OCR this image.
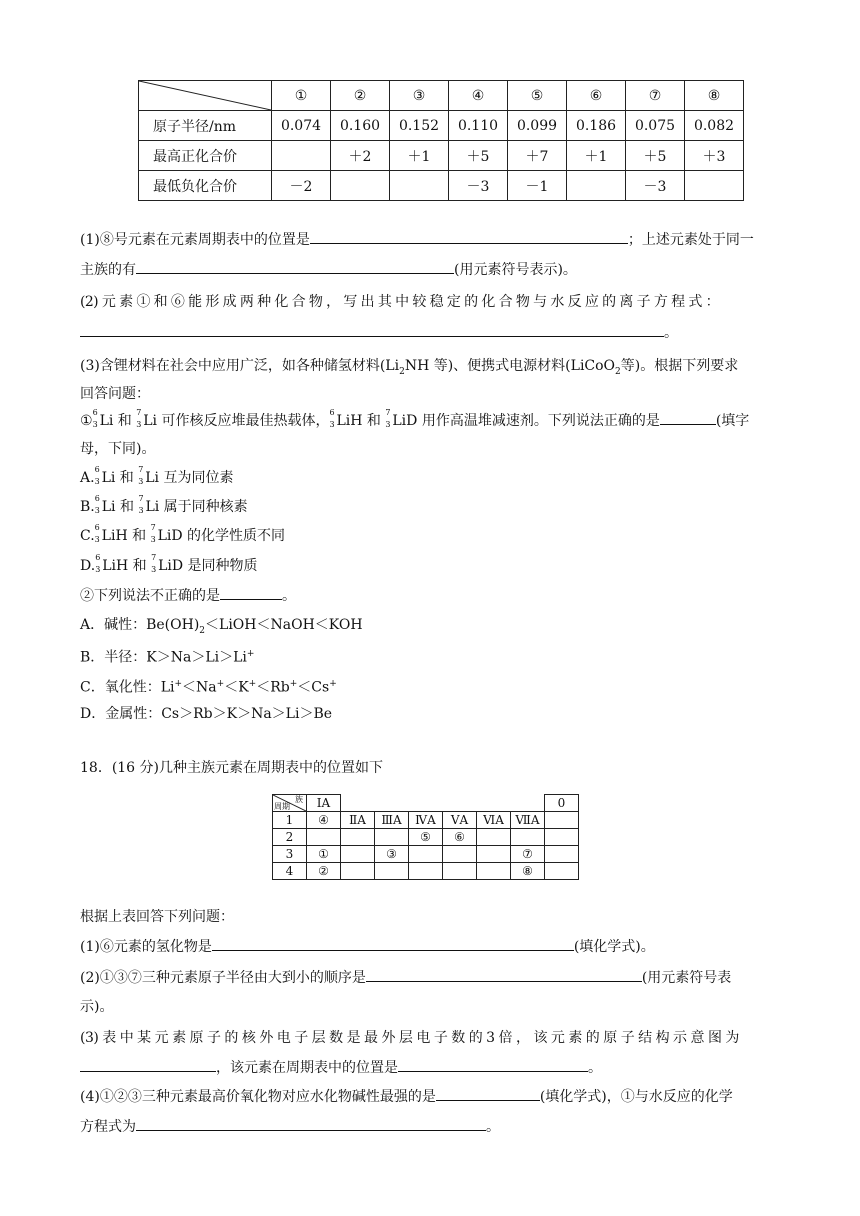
	①	②	③	④	⑤	⑥	⑦	⑧
原子半径/nm	0.074	0.160	0.152	0.110	0.099	0.186	0.075	0.082
最高正化合价		＋2	＋1	＋5	＋7	＋1	＋5	＋3
最低负化合价	－2			－3	－1		－3	
(1)⑧号元素在元素周期表中的位置是	；上述元素处于同一
主族的有	(用元素符号表示)。
(2) 元 素 ① 和 ⑥ 能 形 成 两 种 化 合 物 ， 写 出 其 中 较 稳 定 的 化 合 物 与 水 反 应 的 离 子 方 程 式 ：
。
(3)含锂材料在社会中应用广泛，如各种储氢材料($Li_2NH$ 等)、便携式电源材料(LiCoO$_2$等)。根据下列要求
回答问题：
①
6
3 Li 和
7
3 Li 可作核反应堆最佳热载体，
6
3 LiH 和
7
3 LiD 用作高温堆减速剂。下列说法正确的是	(填字
母，下同)。
A.
6
3 Li 和
7
3 Li 互为同位素
B.
6
3 Li 和
7
3 Li 属于同种核素
C.
6
3 LiH 和
7
3 LiD 的化学性质不同
D.
6
3 LiH 和
7
3 LiD 是同种物质
②下列说法不正确的是	。
A．碱性：$Be(OH)_2<LiOH<NaOH<KOH$
B．半径：K＞Na＞Li＞Li+
C．氧化性：Li+＜Na+＜K+＜Rb+＜Cs+
D．金属性：Cs＞Rb＞K＞Na＞Li＞Be
18．(16 分)几种主族元素在周期表中的位置如下
族
周期	ⅠA							0
1	④	ⅡA	ⅢA	ⅣA	ⅤA	ⅥA	ⅦA	
2				⑤	⑥			
3	①		③				⑦	
4	②						⑧	
根据上表回答下列问题：
(1)⑥元素的氢化物是	(填化学式)。
(2)①③⑦三种元素原子半径由大到小的顺序是	(用元素符号表
示)。
(3) 表 中 某 元 素 原 子 的 核 外 电 子 层 数 是 最 外 层 电 子 数 的 3 倍 ， 该 元 素 的 原 子 结 构 示 意 图 为
，该元素在周期表中的位置是	。
(4)①②③三种元素最高价氧化物对应水化物碱性最强的是	(填化学式)，①与水反应的化学
方程式为	。
